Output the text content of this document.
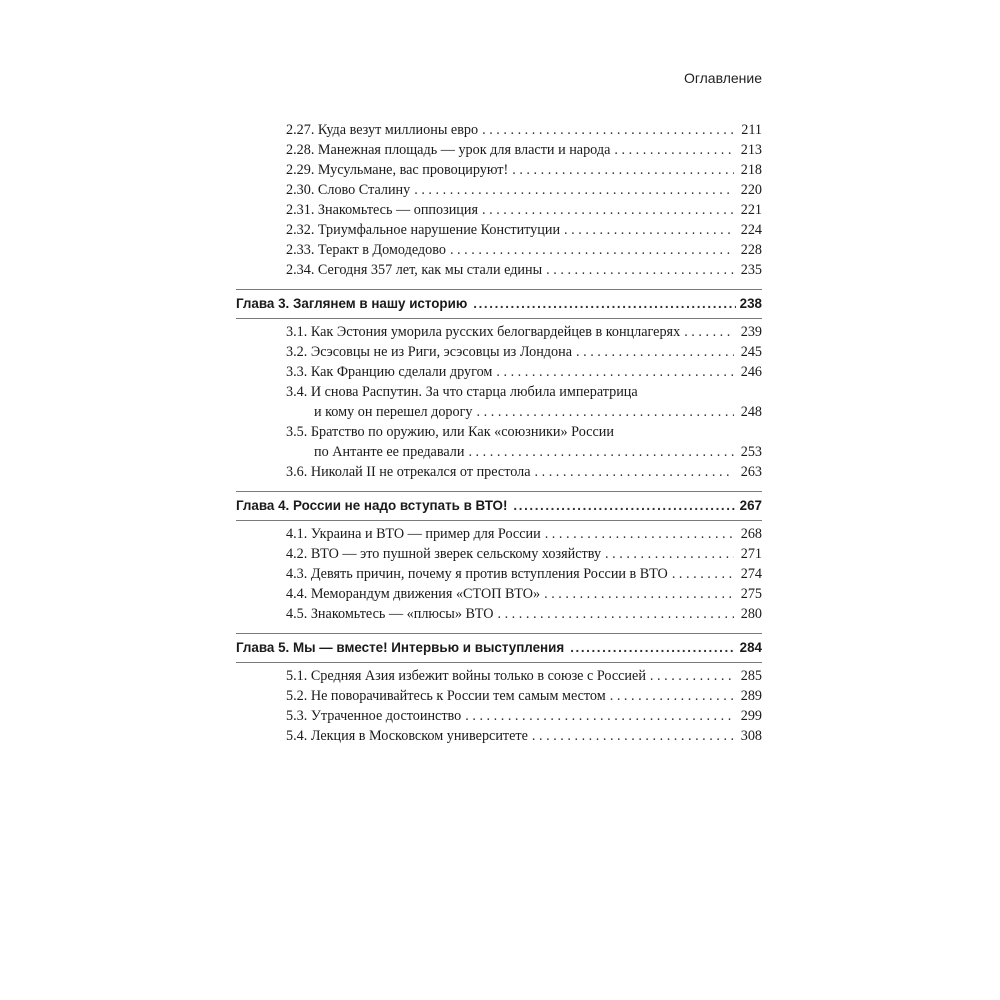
Оглавление
2.27. Куда везут миллионы евро . . .	211
2.28. Манежная площадь — урок для власти и народа . . .	213
2.29. Мусульмане, вас провоцируют! . . .	218
2.30. Слово Сталину . . .	220
2.31. Знакомьтесь — оппозиция . . .	221
2.32. Триумфальное нарушение Конституции . . .	224
2.33. Теракт в Домодедово . . .	228
2.34. Сегодня 357 лет, как мы стали едины . . .	235
Глава 3. Заглянем в нашу историю .....	238
3.1. Как Эстония уморила русских белогвардейцев в концлагерях . . .	239
3.2. Эсэсовцы не из Риги, эсэсовцы из Лондона . . .	245
3.3. Как Францию сделали другом . . .	246
3.4. И снова Распутин. За что старца любила императрица
и кому он перешел дорогу . . .	248
3.5. Братство по оружию, или Как «союзники» России
по Антанте ее предавали . . .	253
3.6. Николай II не отрекался от престола . . .	263
Глава 4. России не надо вступать в ВТО! .....	267
4.1. Украина и ВТО — пример для России . . .	268
4.2. ВТО — это пушной зверек сельскому хозяйству . . .	271
4.3. Девять причин, почему я против вступления России в ВТО . . .	274
4.4. Меморандум движения «СТОП ВТО» . . .	275
4.5. Знакомьтесь — «плюсы» ВТО . . .	280
Глава 5. Мы — вместе! Интервью и выступления .....	284
5.1. Средняя Азия избежит войны только в союзе с Россией . . .	285
5.2. Не поворачивайтесь к России тем самым местом . . .	289
5.3. Утраченное достоинство . . .	299
5.4. Лекция в Московском университете . . .	308
